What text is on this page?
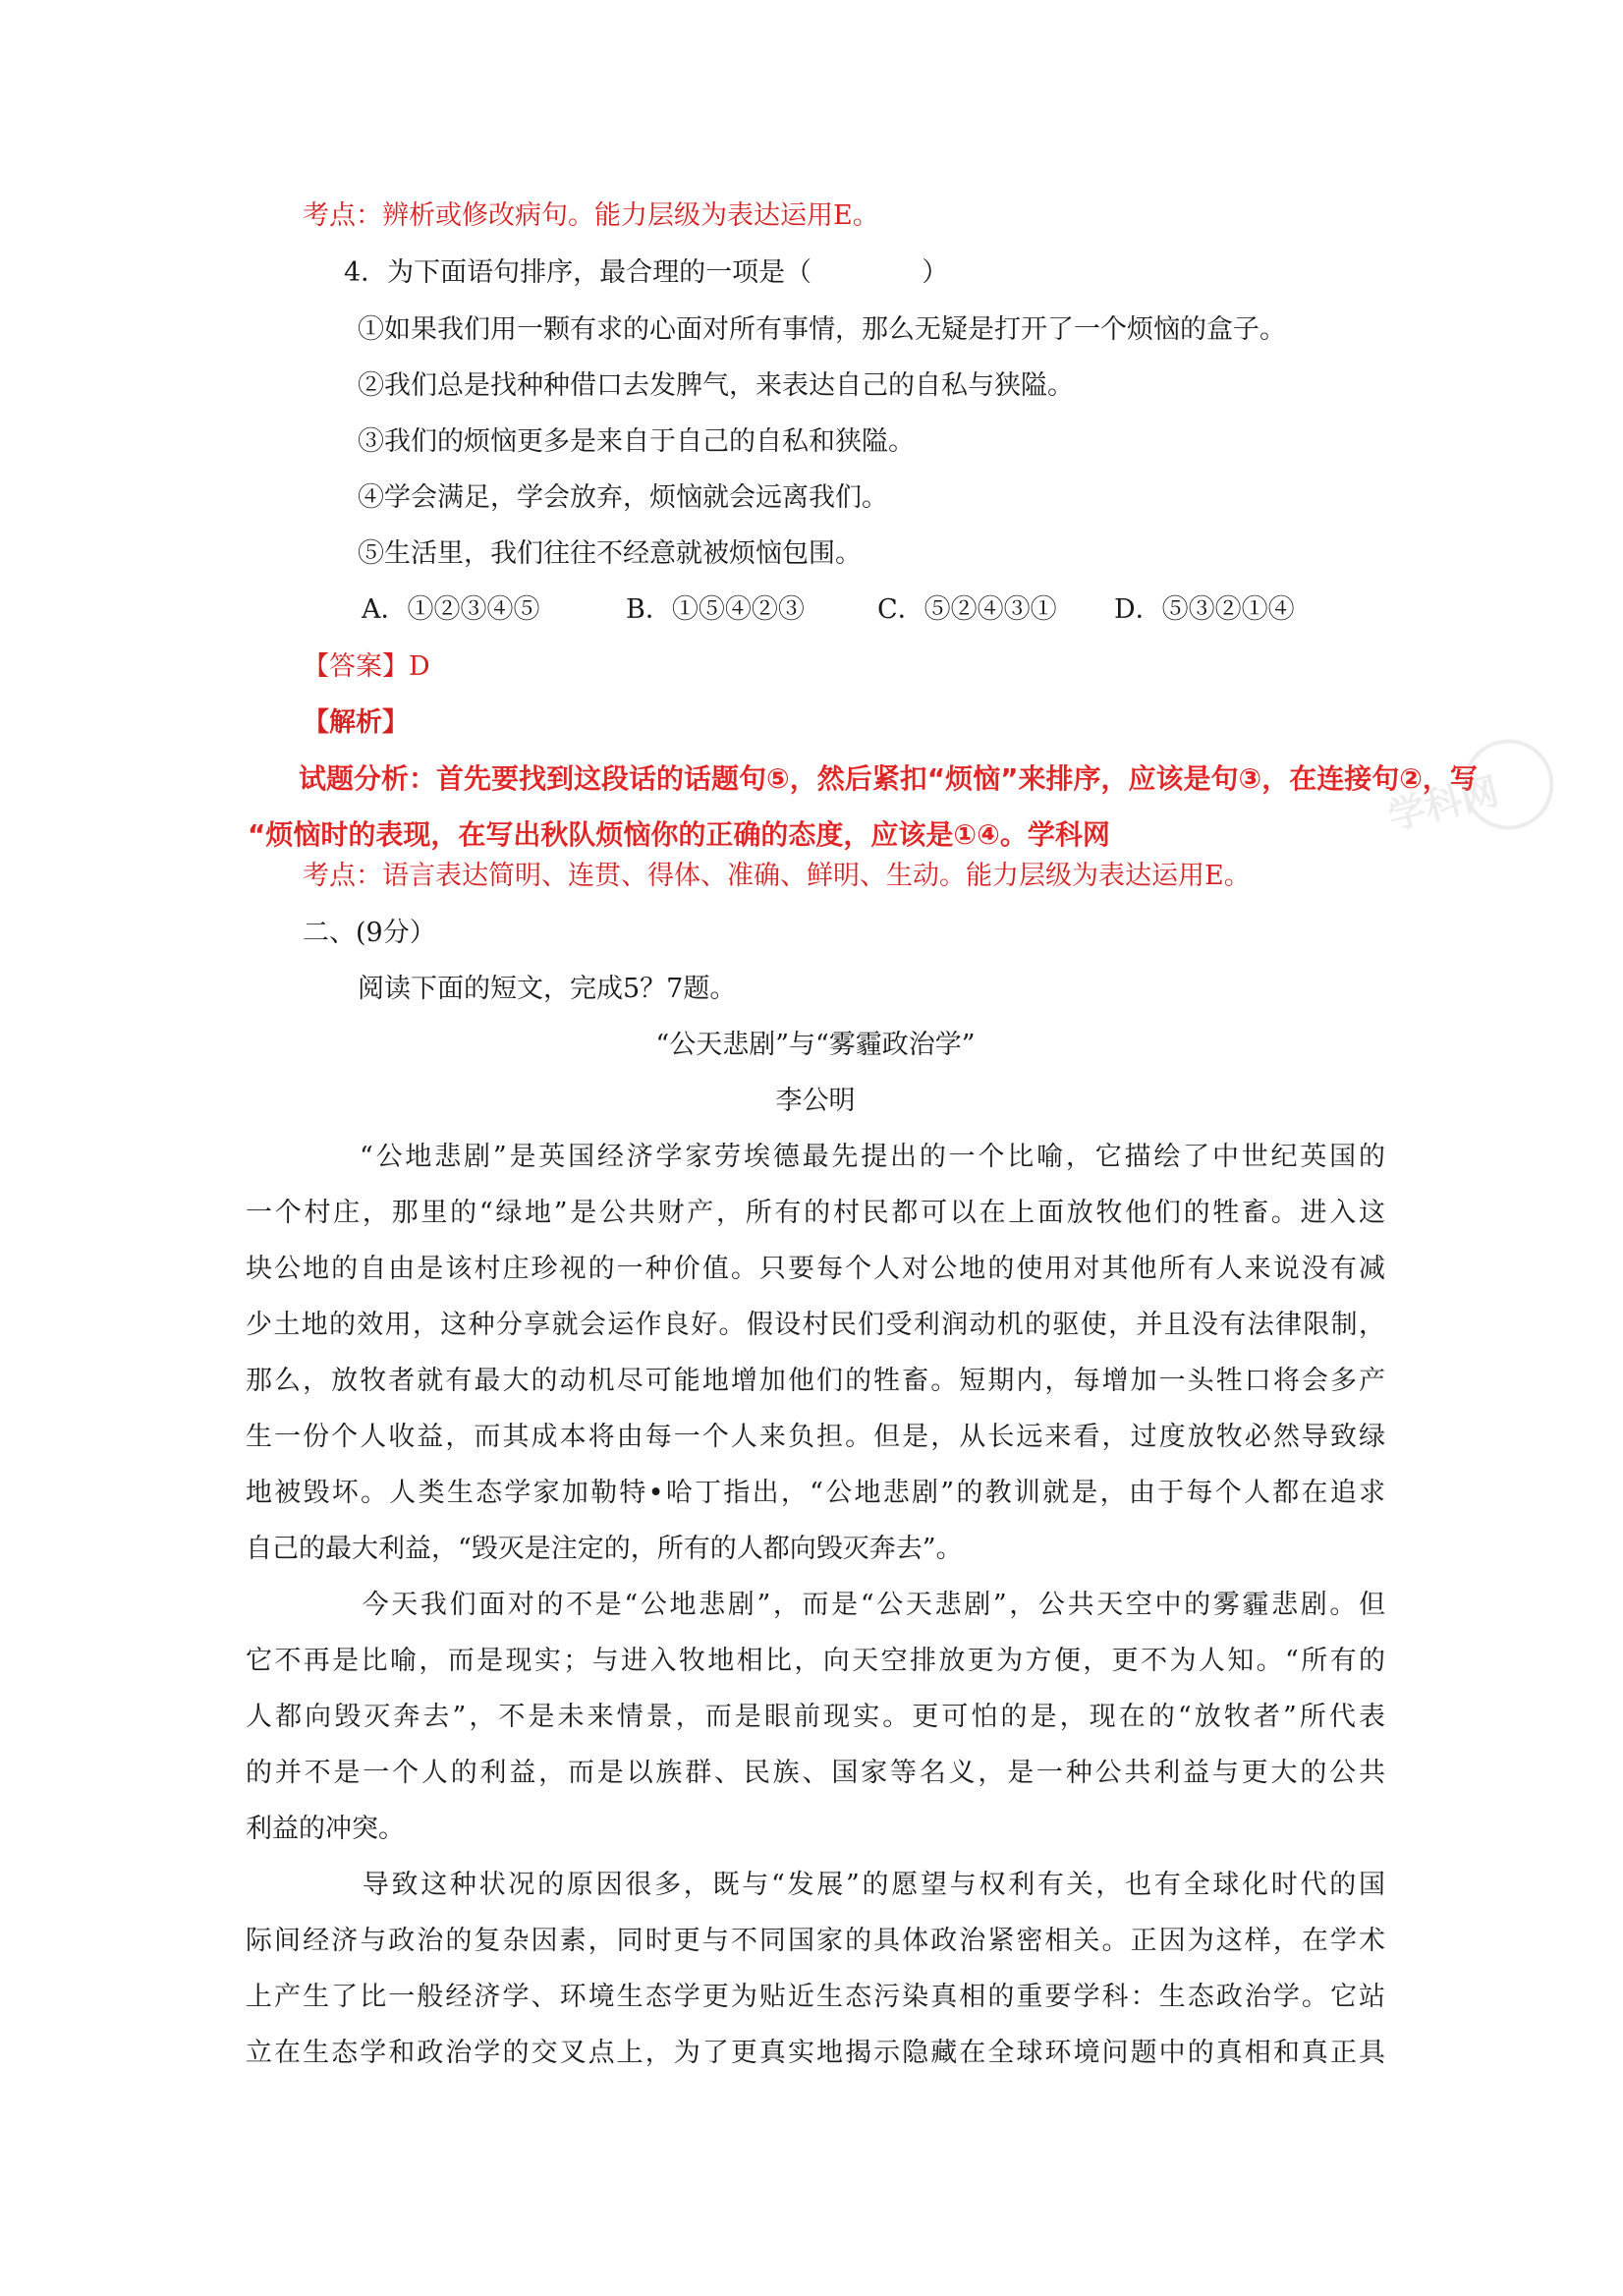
考点：辨析或修改病句。能力层级为表达运用E。
4．为下面语句排序，最合理的一项是（	）
①如果我们用一颗有求的心面对所有事情，那么无疑是打开了一个烦恼的盒子。
②我们总是找种种借口去发脾气，来表达自己的自私与狭隘。
③我们的烦恼更多是来自于自己的自私和狭隘。
④学会满足，学会放弃，烦恼就会远离我们。
⑤生活里，我们往往不经意就被烦恼包围。
A．①②③④⑤	B．①⑤④②③	C．⑤②④③① D．⑤③②①④
【答案】D
【解析】
试题分析：首先要找到这段话的话题句⑤，然后紧扣“烦恼”来排序，应该是句③，在连接句②，写
“烦恼时的表现，在写出秋队烦恼你的正确的态度，应该是①④。学科网
考点：语言表达简明、连贯、得体、准确、鲜明、生动。能力层级为表达运用E。
学科网
二、(9分）
阅读下面的短文，完成5？7题。
“公天悲剧”与“雾霾政治学”
李公明
“公地悲剧”是英国经济学家劳埃德最先提出的一个比喻，它描绘了中世纪英国的
一个村庄，那里的“绿地”是公共财产，所有的村民都可以在上面放牧他们的牲畜。进入这
块公地的自由是该村庄珍视的一种价值。只要每个人对公地的使用对其他所有人来说没有减
少土地的效用，这种分享就会运作良好。假设村民们受利润动机的驱使，并且没有法律限制，
那么，放牧者就有最大的动机尽可能地增加他们的牲畜。短期内，每增加一头牲口将会多产
生一份个人收益，而其成本将由每一个人来负担。但是，从长远来看，过度放牧必然导致绿
地被毁坏。人类生态学家加勒特•哈丁指出，“公地悲剧”的教训就是，由于每个人都在追求
自己的最大利益，“毁灭是注定的，所有的人都向毁灭奔去”。
今天我们面对的不是“公地悲剧”，而是“公天悲剧”，公共天空中的雾霾悲剧。但
它不再是比喻，而是现实；与进入牧地相比，向天空排放更为方便，更不为人知。“所有的
人都向毁灭奔去”，不是未来情景，而是眼前现实。更可怕的是，现在的“放牧者”所代表
的并不是一个人的利益，而是以族群、民族、国家等名义，是一种公共利益与更大的公共
利益的冲突。
导致这种状况的原因很多，既与“发展”的愿望与权利有关，也有全球化时代的国
际间经济与政治的复杂因素，同时更与不同国家的具体政治紧密相关。正因为这样，在学术
上产生了比一般经济学、环境生态学更为贴近生态污染真相的重要学科：生态政治学。它站
立在生态学和政治学的交叉点上，为了更真实地揭示隐藏在全球环境问题中的真相和真正具
